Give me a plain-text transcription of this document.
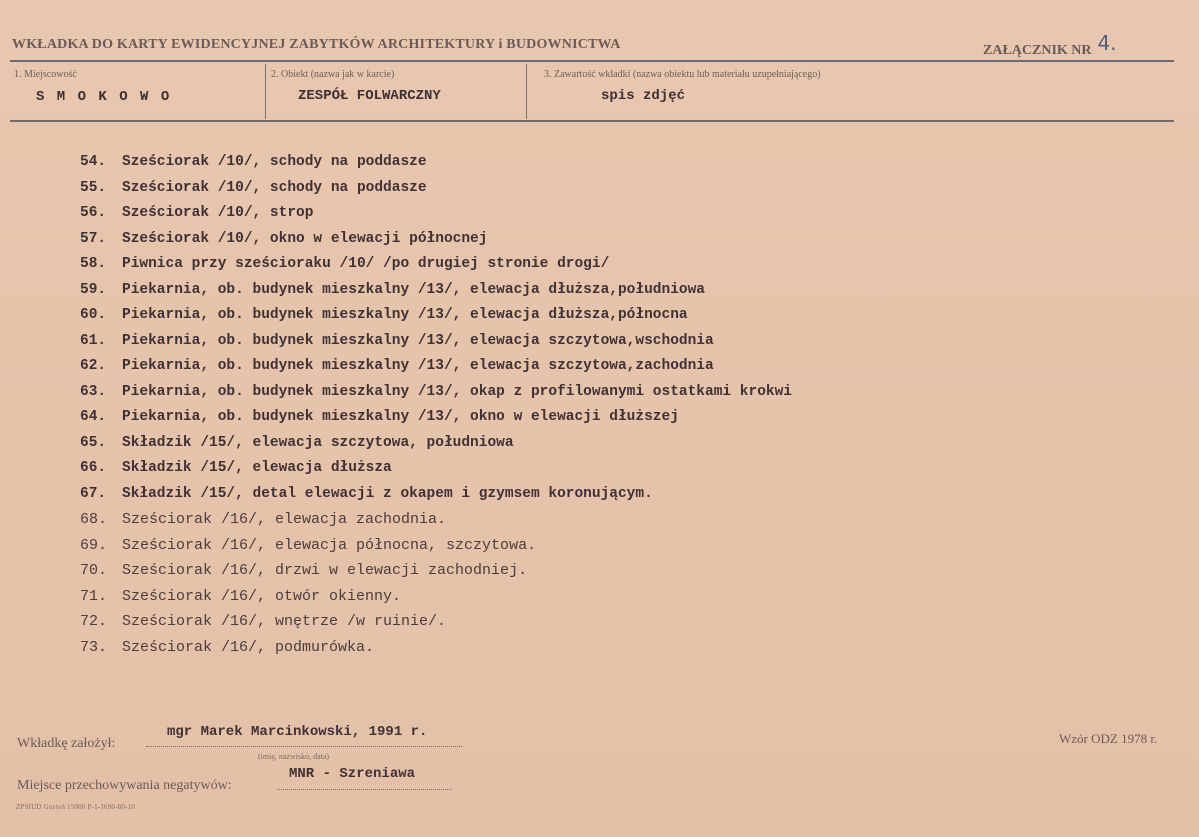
WKŁADKA DO KARTY EWIDENCYJNEJ ZABYTKÓW ARCHITEKTURY i BUDOWNICTWA	ZAŁĄCZNIK NR 4.
1. Miejscowość
S M O K O W O
2. Obiekt (nazwa jak w karcie)
ZESPÓŁ FOLWARCZNY
3. Zawartość wkładki (nazwa obiektu lub materiału uzupełniającego)
spis zdjęć
54. Sześciorak /10/, schody na poddasze
55. Sześciorak /10/, schody na poddasze
56. Sześciorak /10/, strop
57. Sześciorak /10/, okno w elewacji północnej
58. Piwnica przy sześcioraku /10/ /po drugiej stronie drogi/
59. Piekarnia, ob. budynek mieszkalny /13/, elewacja dłuższa,południowa
60. Piekarnia, ob. budynek mieszkalny /13/, elewacja dłuższa,północna
61. Piekarnia, ob. budynek mieszkalny /13/, elewacja szczytowa,wschodnia
62. Piekarnia, ob. budynek mieszkalny /13/, elewacja szczytowa,zachodnia
63. Piekarnia, ob. budynek mieszkalny /13/, okap z profilowanymi ostatkami krokwi
64. Piekarnia, ob. budynek mieszkalny /13/, okno w elewacji dłuższej
65. Składzik /15/, elewacja szczytowa, południowa
66. Składzik /15/, elewacja dłuższa
67. Składzik /15/, detal elewacji z okapem i gzymsem koronującym.
68. Sześciorak /16/, elewacja zachodnia.
69. Sześciorak /16/, elewacja północna, szczytowa.
70. Sześciorak /16/, drzwi w elewacji zachodniej.
71. Sześciorak /16/, otwór okienny.
72. Sześciorak /16/, wnętrze /w ruinie/.
73. Sześciorak /16/, podmurówka.
Wkładkę założył:
mgr Marek Marcinkowski, 1991 r.
(imię, nazwisko, data)
Miejsce przechowywania negatywów:
MNR - Szreniawa
Wzór ODZ 1978 r.
ZPSIUD Gostyń 15000 P-1-1690-80-10
